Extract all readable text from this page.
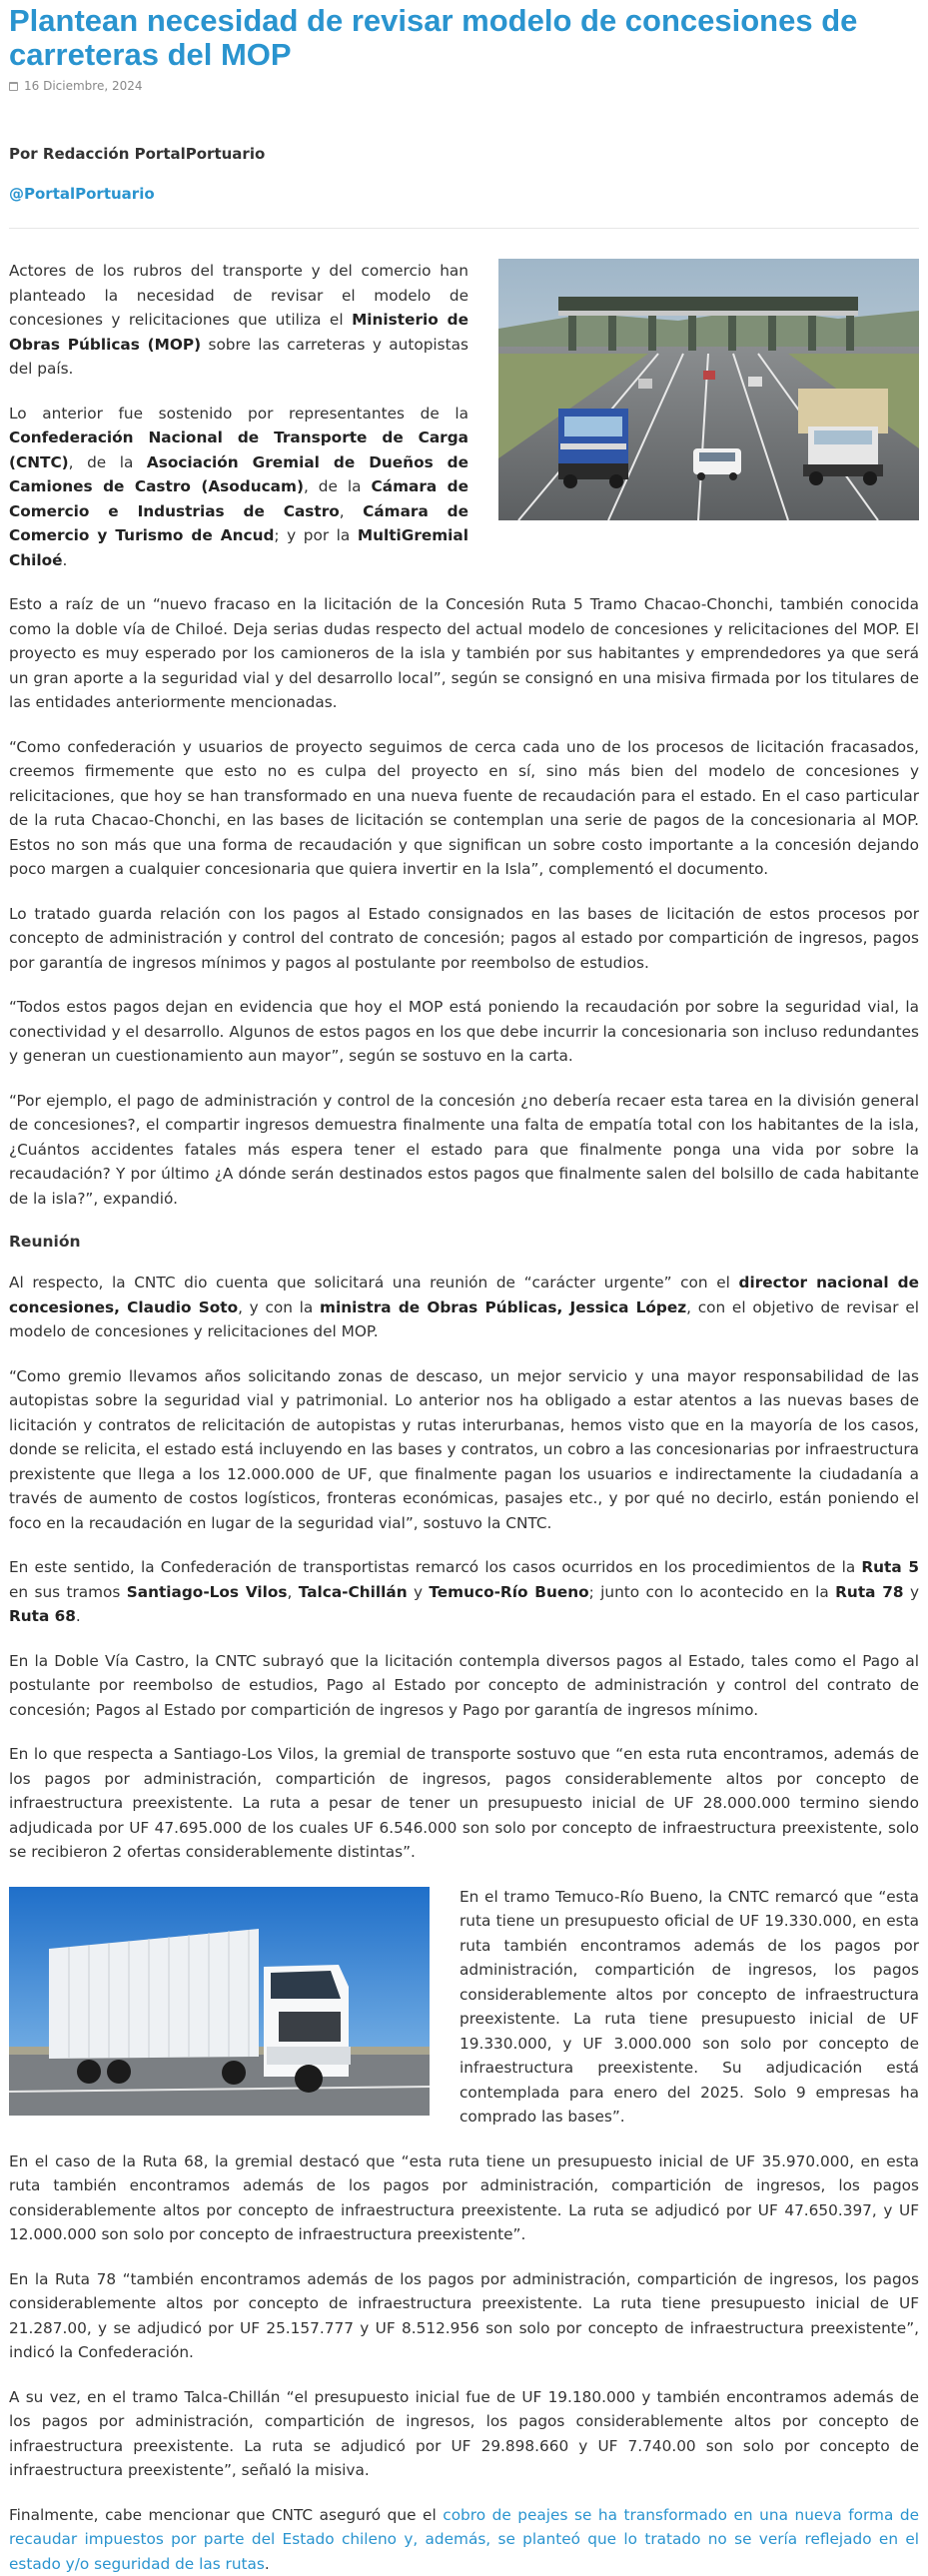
Plantean necesidad de revisar modelo de concesiones de carreteras del MOP
16 Diciembre, 2024
Por Redacción PortalPortuario
@PortalPortuario

Actores de los rubros del transporte y del comercio han planteado la necesidad de revisar el modelo de concesiones y relicitaciones que utiliza el Ministerio de Obras Públicas (MOP) sobre las carreteras y autopistas del país.

Lo anterior fue sostenido por representantes de la Confederación Nacional de Transporte de Carga (CNTC), de la Asociación Gremial de Dueños de Camiones de Castro (Asoducam), de la Cámara de Comercio e Industrias de Castro, Cámara de Comercio y Turismo de Ancud; y por la MultiGremial Chiloé.

Esto a raíz de un “nuevo fracaso en la licitación de la Concesión Ruta 5 Tramo Chacao-Chonchi, también conocida como la doble vía de Chiloé. Deja serias dudas respecto del actual modelo de concesiones y relicitaciones del MOP. El proyecto es muy esperado por los camioneros de la isla y también por sus habitantes y emprendedores ya que será un gran aporte a la seguridad vial y del desarrollo local”, según se consignó en una misiva firmada por los titulares de las entidades anteriormente mencionadas.

“Como confederación y usuarios de proyecto seguimos de cerca cada uno de los procesos de licitación fracasados, creemos firmemente que esto no es culpa del proyecto en sí, sino más bien del modelo de concesiones y relicitaciones, que hoy se han transformado en una nueva fuente de recaudación para el estado. En el caso particular de la ruta Chacao-Chonchi, en las bases de licitación se contemplan una serie de pagos de la concesionaria al MOP. Estos no son más que una forma de recaudación y que significan un sobre costo importante a la concesión dejando poco margen a cualquier concesionaria que quiera invertir en la Isla”, complementó el documento.

Lo tratado guarda relación con los pagos al Estado consignados en las bases de licitación de estos procesos por concepto de administración y control del contrato de concesión; pagos al estado por compartición de ingresos, pagos por garantía de ingresos mínimos y pagos al postulante por reembolso de estudios.

“Todos estos pagos dejan en evidencia que hoy el MOP está poniendo la recaudación por sobre la seguridad vial, la conectividad y el desarrollo. Algunos de estos pagos en los que debe incurrir la concesionaria son incluso redundantes y generan un cuestionamiento aun mayor”, según se sostuvo en la carta.

“Por ejemplo, el pago de administración y control de la concesión ¿no debería recaer esta tarea en la división general de concesiones?, el compartir ingresos demuestra finalmente una falta de empatía total con los habitantes de la isla, ¿Cuántos accidentes fatales más espera tener el estado para que finalmente ponga una vida por sobre la recaudación? Y por último ¿A dónde serán destinados estos pagos que finalmente salen del bolsillo de cada habitante de la isla?”, expandió.

Reunión

Al respecto, la CNTC dio cuenta que solicitará una reunión de “carácter urgente” con el director nacional de concesiones, Claudio Soto, y con la ministra de Obras Públicas, Jessica López, con el objetivo de revisar el modelo de concesiones y relicitaciones del MOP.

“Como gremio llevamos años solicitando zonas de descaso, un mejor servicio y una mayor responsabilidad de las autopistas sobre la seguridad vial y patrimonial. Lo anterior nos ha obligado a estar atentos a las nuevas bases de licitación y contratos de relicitación de autopistas y rutas interurbanas, hemos visto que en la mayoría de los casos, donde se relicita, el estado está incluyendo en las bases y contratos, un cobro a las concesionarias por infraestructura prexistente que llega a los 12.000.000 de UF, que finalmente pagan los usuarios e indirectamente la ciudadanía a través de aumento de costos logísticos, fronteras económicas, pasajes etc., y por qué no decirlo, están poniendo el foco en la recaudación en lugar de la seguridad vial”, sostuvo la CNTC.

En este sentido, la Confederación de transportistas remarcó los casos ocurridos en los procedimientos de la Ruta 5 en sus tramos Santiago-Los Vilos, Talca-Chillán y Temuco-Río Bueno; junto con lo acontecido en la Ruta 78 y Ruta 68.

En la Doble Vía Castro, la CNTC subrayó que la licitación contempla diversos pagos al Estado, tales como el Pago al postulante por reembolso de estudios, Pago al Estado por concepto de administración y control del contrato de concesión; Pagos al Estado por compartición de ingresos y Pago por garantía de ingresos mínimo.

En lo que respecta a Santiago-Los Vilos, la gremial de transporte sostuvo que “en esta ruta encontramos, además de los pagos por administración, compartición de ingresos, pagos considerablemente altos por concepto de infraestructura preexistente. La ruta a pesar de tener un presupuesto inicial de UF 28.000.000 termino siendo adjudicada por UF 47.695.000 de los cuales UF 6.546.000 son solo por concepto de infraestructura preexistente, solo se recibieron 2 ofertas considerablemente distintas”.

En el tramo Temuco-Río Bueno, la CNTC remarcó que “esta ruta tiene un presupuesto oficial de UF 19.330.000, en esta ruta también encontramos además de los pagos por administración, compartición de ingresos, los pagos considerablemente altos por concepto de infraestructura preexistente. La ruta tiene presupuesto inicial de UF 19.330.000, y UF 3.000.000 son solo por concepto de infraestructura preexistente. Su adjudicación está contemplada para enero del 2025. Solo 9 empresas ha comprado las bases”.

En el caso de la Ruta 68, la gremial destacó que “esta ruta tiene un presupuesto inicial de UF 35.970.000, en esta ruta también encontramos además de los pagos por administración, compartición de ingresos, los pagos considerablemente altos por concepto de infraestructura preexistente. La ruta se adjudicó por UF 47.650.397, y UF 12.000.000 son solo por concepto de infraestructura preexistente”.

En la Ruta 78 “también encontramos además de los pagos por administración, compartición de ingresos, los pagos considerablemente altos por concepto de infraestructura preexistente. La ruta tiene presupuesto inicial de UF 21.287.00, y se adjudicó por UF 25.157.777 y UF 8.512.956 son solo por concepto de infraestructura preexistente”, indicó la Confederación.

A su vez, en el tramo Talca-Chillán “el presupuesto inicial fue de UF 19.180.000 y también encontramos además de los pagos por administración, compartición de ingresos, los pagos considerablemente altos por concepto de infraestructura preexistente. La ruta se adjudicó por UF 29.898.660 y UF 7.740.00 son solo por concepto de infraestructura preexistente”, señaló la misiva.

Finalmente, cabe mencionar que CNTC aseguró que el cobro de peajes se ha transformado en una nueva forma de recaudar impuestos por parte del Estado chileno y, además, se planteó que lo tratado no se vería reflejado en el estado y/o seguridad de las rutas.
